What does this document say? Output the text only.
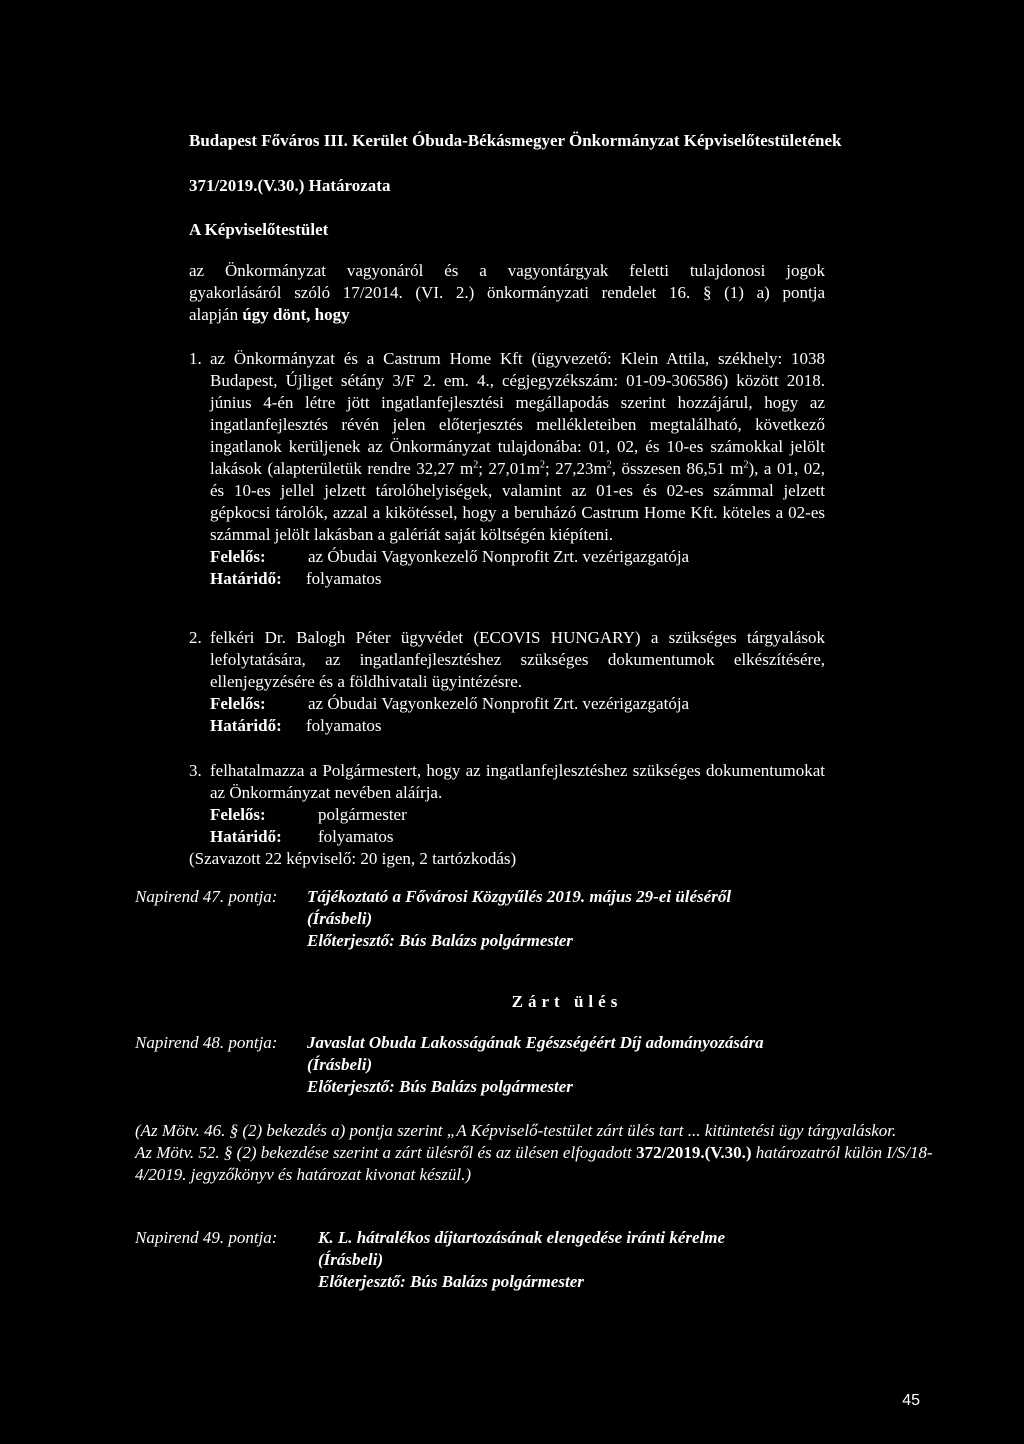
Budapest Főváros III. Kerület Óbuda-Békásmegyer Önkormányzat Képviselőtestületének
371/2019.(V.30.) Határozata
A Képviselőtestület
az Önkormányzat vagyonáról és a vagyontárgyak feletti tulajdonosi jogok
gyakorlásáról szóló 17/2014. (VI. 2.) önkormányzati rendelet 16. § (1) a) pontja
alapján úgy dönt, hogy
1. az Önkormányzat és a Castrum Home Kft (ügyvezető: Klein Attila, székhely: 1038 Budapest, Újliget sétány 3/F 2. em. 4., cégjegyzékszám: 01-09-306586) között 2018. június 4-én létre jött ingatlanfejlesztési megállapodás szerint hozzájárul, hogy az ingatlanfejlesztés révén jelen előterjesztés mellékleteiben megtalálható, következő ingatlanok kerüljenek az Önkormányzat tulajdonába: 01, 02, és 10-es számokkal jelölt lakások (alapterületük rendre 32,27 $m^2$; $27,01m^2$; $27,23m^2$, összesen 86,51 $m^2$), a 01, 02, és 10-es jellel jelzett tárolóhelyiségek, valamint az 01-es és 02-es számmal jelzett gépkocsi tárolók, azzal a kikötéssel, hogy a beruházó Castrum Home Kft. köteles a 02-es számmal jelölt lakásban a galériát saját költségén kiépíteni.
Felelős: az Óbudai Vagyonkezelő Nonprofit Zrt. vezérigazgatója
Határidő: folyamatos
2. felkéri Dr. Balogh Péter ügyvédet (ECOVIS HUNGARY) a szükséges tárgyalások lefolytatására, az ingatlanfejlesztéshez szükséges dokumentumok elkészítésére, ellenjegyzésére és a földhivatali ügyintézésre.
Felelős: az Óbudai Vagyonkezelő Nonprofit Zrt. vezérigazgatója
Határidő: folyamatos
3. felhatalmazza a Polgármestert, hogy az ingatlanfejlesztéshez szükséges dokumentumokat az Önkormányzat nevében aláírja.
Felelős:	polgármester
Határidő: folyamatos
(Szavazott 22 képviselő: 20 igen, 2 tartózkodás)
Napirend 47. pontja: Tájékoztató a Fővárosi Közgyűlés 2019. május 29-ei üléséről
(Írásbeli)
Előterjesztő: Bús Balázs polgármester
Zárt ülés
Napirend 48. pontja: Javaslat Obuda Lakosságának Egészségéért Díj adományozására
(Írásbeli)
Előterjesztő: Bús Balázs polgármester

(Az Mötv. 46. § (2) bekezdés a) pontja szerint „A Képviselő-testület zárt ülés tart ... kitüntetési ügy tárgyaláskor.

Az Mötv. 52. § (2) bekezdése szerint a zárt ülésről és az ülésen elfogadott 372/2019.(V.30.) határozatról külön I/S/18-4/2019. jegyzőkönyv és határozat kivonat készül.)

Napirend 49. pontja: K. L. hátralékos díjtartozásának elengedése iránti kérelme
(Írásbeli)
Előterjesztő: Bús Balázs polgármester
45
